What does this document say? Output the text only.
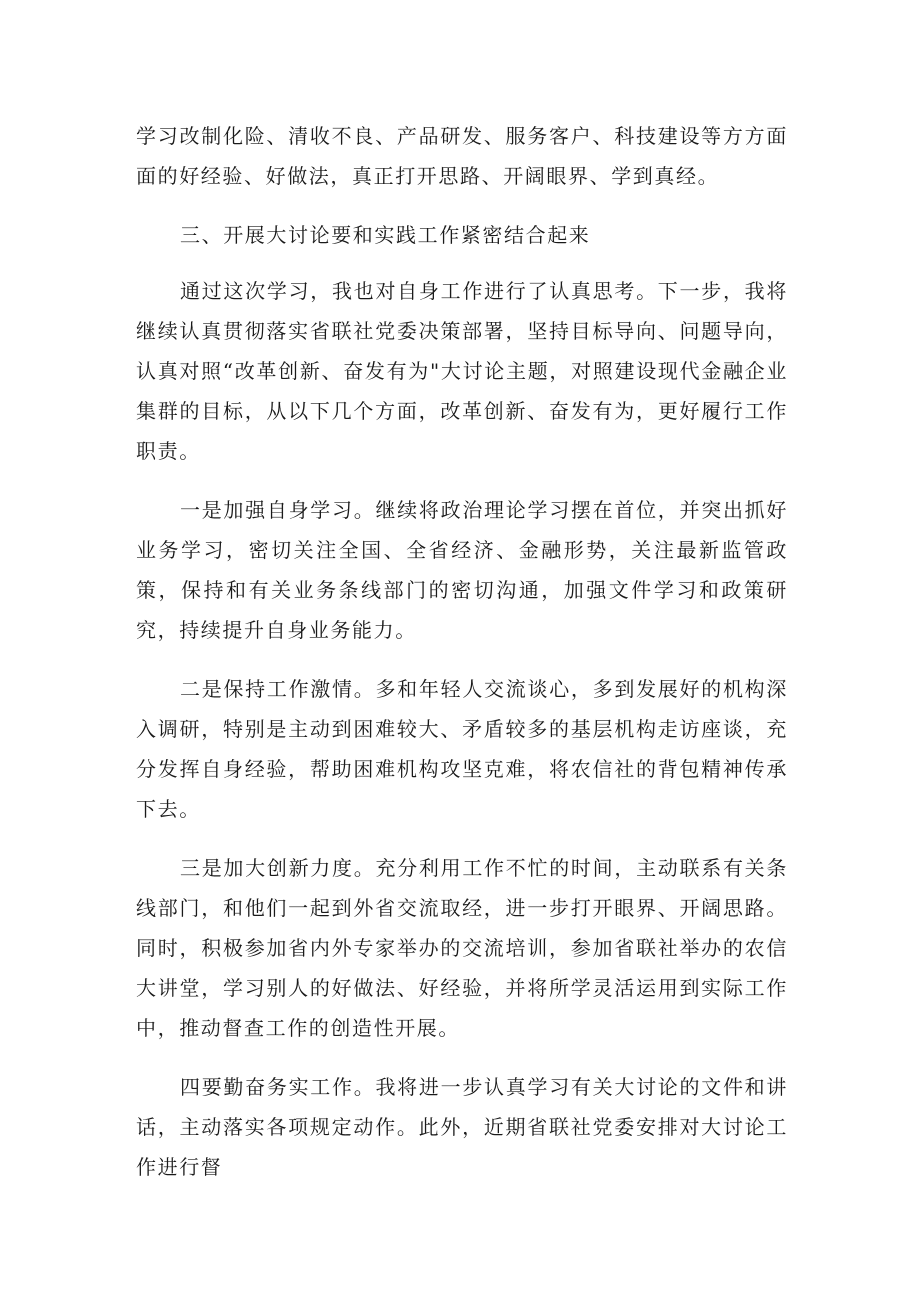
学习改制化险、清收不良、产品研发、服务客户、科技建设等方方面面的好经验、好做法，真正打开思路、开阔眼界、学到真经。

三、开展大讨论要和实践工作紧密结合起来

通过这次学习，我也对自身工作进行了认真思考。下一步，我将继续认真贯彻落实省联社党委决策部署，坚持目标导向、问题导向，认真对照“改革创新、奋发有为"大讨论主题，对照建设现代金融企业集群的目标，从以下几个方面，改革创新、奋发有为，更好履行工作职责。

一是加强自身学习。继续将政治理论学习摆在首位，并突出抓好业务学习，密切关注全国、全省经济、金融形势，关注最新监管政策，保持和有关业务条线部门的密切沟通，加强文件学习和政策研究，持续提升自身业务能力。

二是保持工作激情。多和年轻人交流谈心，多到发展好的机构深入调研，特别是主动到困难较大、矛盾较多的基层机构走访座谈，充分发挥自身经验，帮助困难机构攻坚克难，将农信社的背包精神传承下去。

三是加大创新力度。充分利用工作不忙的时间，主动联系有关条线部门，和他们一起到外省交流取经，进一步打开眼界、开阔思路。同时，积极参加省内外专家举办的交流培训，参加省联社举办的农信大讲堂，学习别人的好做法、好经验，并将所学灵活运用到实际工作中，推动督查工作的创造性开展。

四要勤奋务实工作。我将进一步认真学习有关大讨论的文件和讲话，主动落实各项规定动作。此外，近期省联社党委安排对大讨论工作进行督
